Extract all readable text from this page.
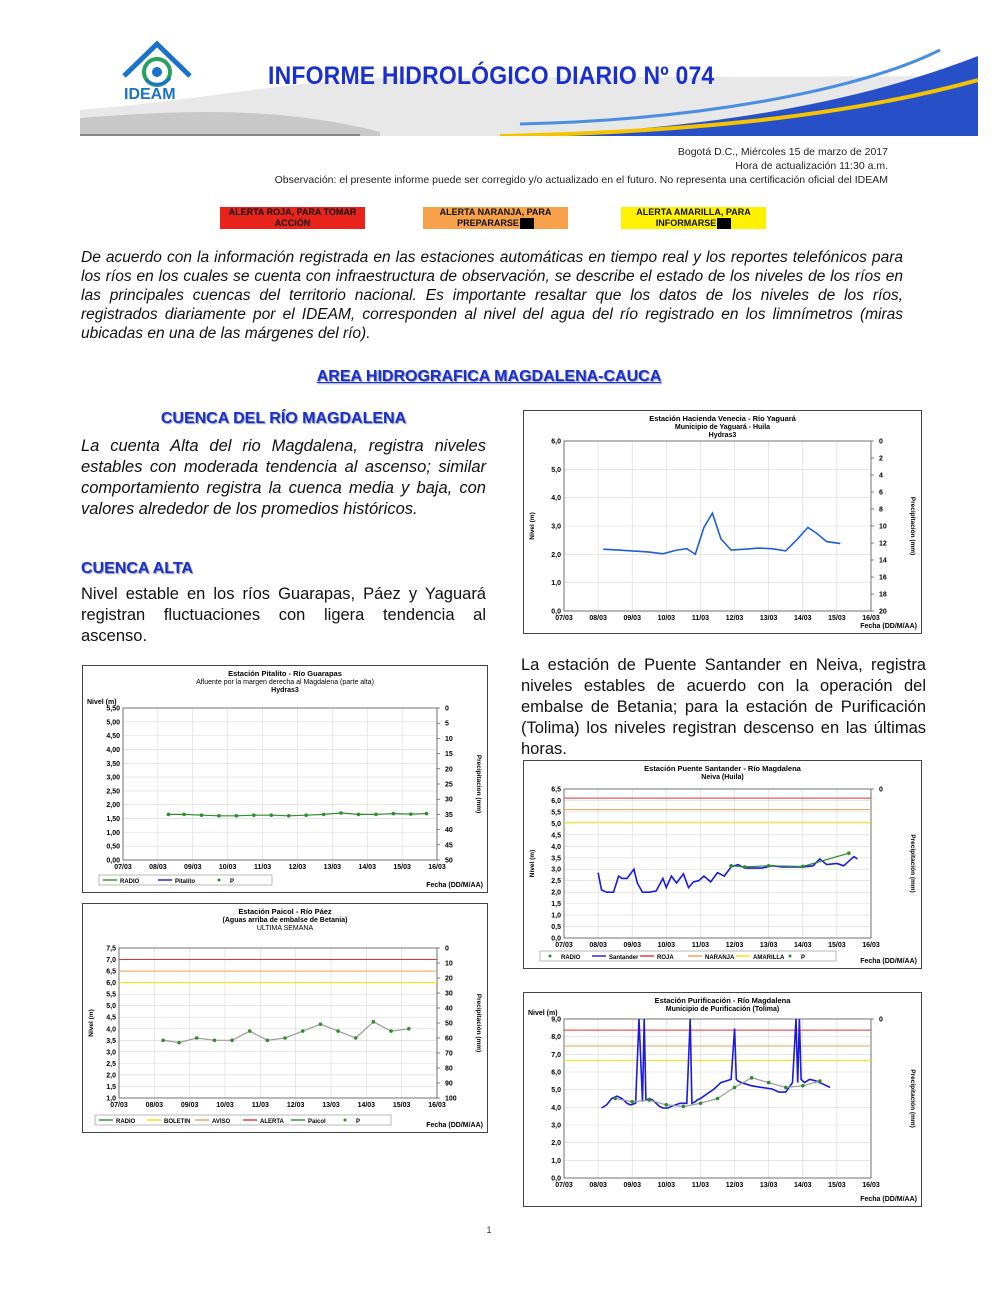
IDEAM
INFORME HIDROLÓGICO DIARIO Nº 074
Bogotá D.C., Miércoles 15 de marzo de 2017
Hora de actualización 11:30 a.m.
Observación: el presente informe puede ser corregido y/o actualizado en el futuro. No representa una certificación oficial del IDEAM
ALERTA ROJA, PARA TOMAR
ACCIÓN
ALERTA NARANJA, PARA
PREPARARSE
ALERTA AMARILLA, PARA
INFORMARSE
De acuerdo con la información registrada en las estaciones automáticas en tiempo real y los reportes telefónicos para los ríos en los cuales se cuenta con infraestructura de observación, se describe el estado de los niveles de los ríos en las principales cuencas del territorio nacional. Es importante resaltar que los datos de los niveles de los ríos, registrados diariamente por el IDEAM, corresponden al nivel del agua del río registrado en los limnímetros (miras ubicadas en una de las márgenes del río).
AREA HIDROGRAFICA MAGDALENA-CAUCA
CUENCA DEL RÍO MAGDALENA
La cuenta Alta del rio Magdalena, registra niveles estables con moderada tendencia al ascenso; similar comportamiento registra la cuenca media y baja, con valores alrededor de los promedios históricos.
CUENCA ALTA
Nivel estable en los ríos Guarapas, Páez y Yaguará registran fluctuaciones con ligera tendencia al ascenso.
La estación de Puente Santander en Neiva, registra niveles estables de acuerdo con la operación del embalse de Betania; para la estación de Purificación (Tolima) los niveles registran descenso en las últimas horas.
Estación Hacienda Venecia - Río Yaguará
Municipio de Yaguará - Huila
Hydras3
0,0
1,0
2,0
3,0
4,0
5,0
6,0
07/03 08/03 09/03 10/03 11/03 12/03 13/03 14/03 15/03 16/03
0
2
4
6
8
10
12
14
16
18
20
Fecha (DD/M/AA)
Nivel (m)	Precipitación (mm)
Estación Pitalito - Río Guarapas
Afluente por la margen derecha al Magdalena (parte alta)
Hydras3
0,00
0,50
1,00
1,50
2,00
2,50
3,00
3,50
4,00
4,50
5,00
5,50
07/03 08/03 09/03 10/03	11/03	12/03 13/03 14/03 15/03 16/03
0
5
10
15
20
25
30
35
40
45
50
Fecha (DD/M/AA)
Nivel (m)
Precipitacion (mm)
RADIO	Pitalito	P
Estación Puente Santander - Río Magdalena
Neiva (Huila)
0,0
0,5
1,0
1,5
2,0
2,5
3,0
3,5
4,0
4,5
5,0
5,5
6,0
6,5
07/03 08/03 09/03 10/03 11/03 12/03 13/03 14/03 15/03 16/03
0
Fecha (DD/M/AA)
Nivel (m)	Precipitación (mm)
RADIO	Santander	ROJA	NARANJA	AMARILLA	P
Estación Paicol - Río Páez
(Aguas arriba de embalse de Betania)
ULTIMA SEMANA
1,0
1,5
2,0
2,5
3,0
3,5
4,0
4,5
5,0
5,5
6,0
6,5
7,0
7,5
07/03	08/03	09/03	10/03	11/03	12/03	13/03	14/03	15/03	16/03
0
10
20
30
40
50
60
70
80
90
100
Fecha (DD/M/AA)
Nivel (m)	Precipitación (mm)
RADIO	BOLETIN	AVISO	ALERTA	Paicol	P
Estación Purificación - Río Magdalena
Municipio de Purificación (Tolima)
0,0
1,0
2,0
3,0
4,0
5,0
6,0
7,0
8,0
9,0
07/03 08/03 09/03 10/03 11/03 12/03 13/03 14/03 15/03 16/03
0
Fecha (DD/M/AA)
Nivel (m)
Precipitación (mm)
1
